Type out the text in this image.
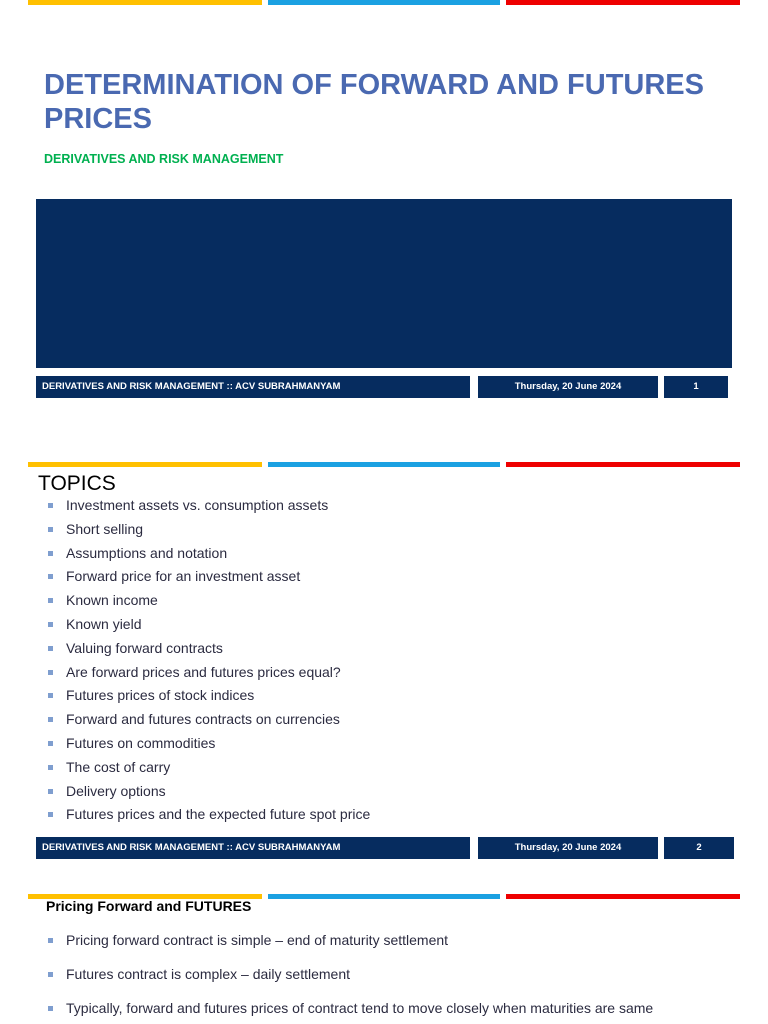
DETERMINATION OF FORWARD AND FUTURES PRICES
DERIVATIVES AND RISK MANAGEMENT
DERIVATIVES AND RISK MANAGEMENT :: ACV SUBRAHMANYAM	Thursday, 20 June 2024	1
TOPICS
Investment assets vs. consumption assets
Short selling
Assumptions and notation
Forward price for an investment asset
Known income
Known yield
Valuing forward contracts
Are forward prices and futures prices equal?
Futures prices of stock indices
Forward and futures contracts on currencies
Futures on commodities
The cost of carry
Delivery options
Futures prices and the expected future spot price
DERIVATIVES AND RISK MANAGEMENT :: ACV SUBRAHMANYAM	Thursday, 20 June 2024	2
Pricing Forward and FUTURES
Pricing forward contract is simple – end of maturity settlement
Futures contract is complex – daily settlement
Typically, forward and futures prices of contract tend to move closely when maturities are same
